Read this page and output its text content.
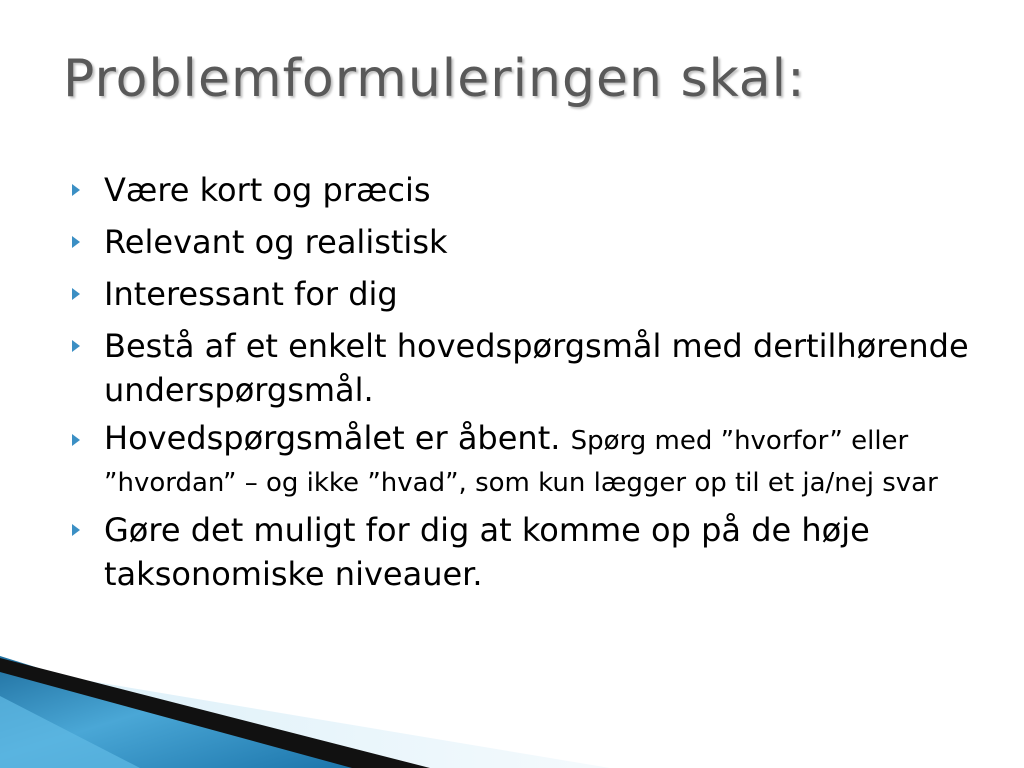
Problemformuleringen skal:
Være kort og præcis
Relevant og realistisk
Interessant for dig
Bestå af et enkelt hovedspørgsmål med dertilhørende underspørgsmål.
Hovedspørgsmålet er åbent. Spørg med ”hvorfor” eller ”hvordan” – og ikke ”hvad”, som kun lægger op til et ja/nej svar
Gøre det muligt for dig at komme op på de høje taksonomiske niveauer.
